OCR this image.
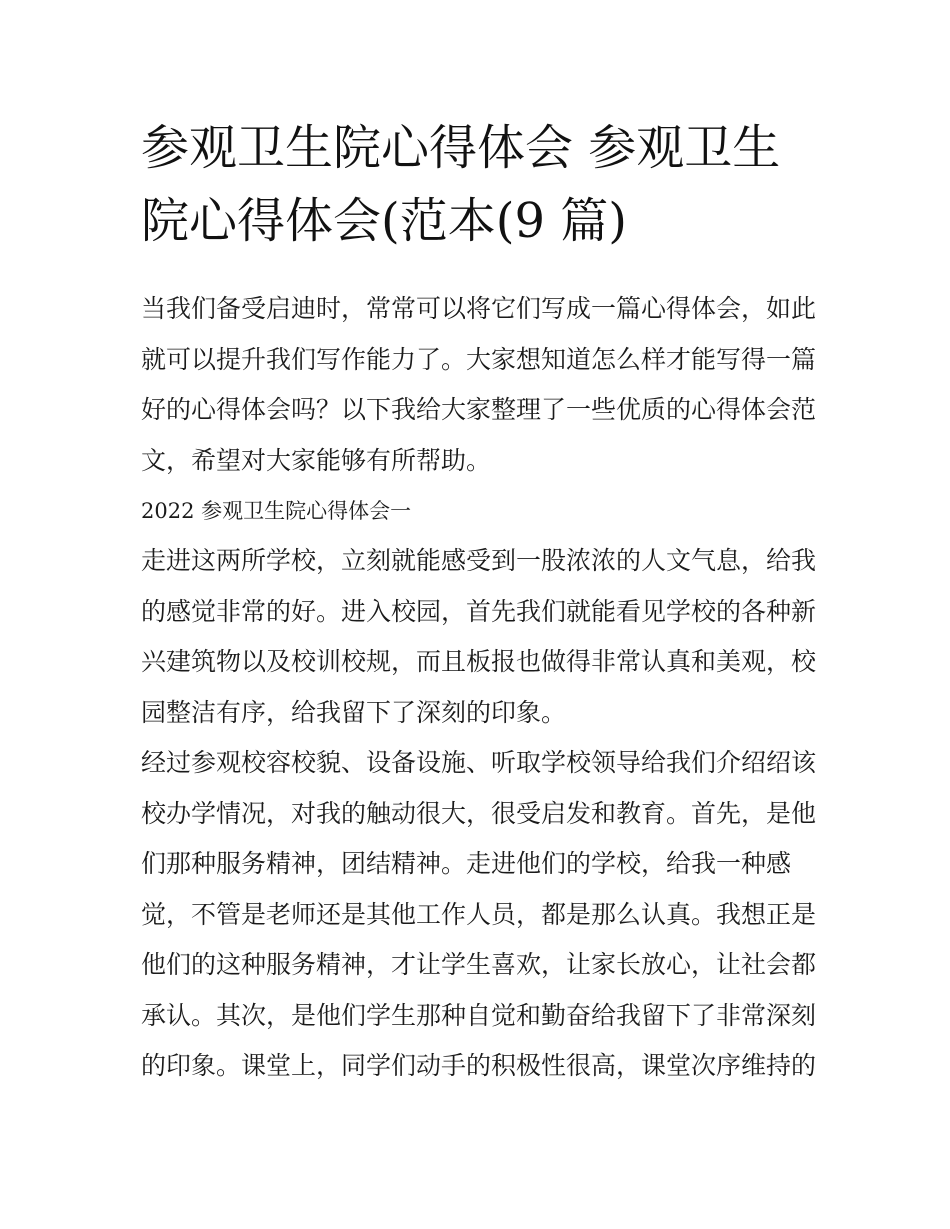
参观卫生院心得体会 参观卫生
院心得体会(范本(9 篇)

当我们备受启迪时，常常可以将它们写成一篇心得体会，如此
就可以提升我们写作能力了。大家想知道怎么样才能写得一篇
好的心得体会吗？以下我给大家整理了一些优质的心得体会范
文，希望对大家能够有所帮助。

2022 参观卫生院心得体会一

走进这两所学校，立刻就能感受到一股浓浓的人文气息，给我
的感觉非常的好。进入校园，首先我们就能看见学校的各种新
兴建筑物以及校训校规，而且板报也做得非常认真和美观，校
园整洁有序，给我留下了深刻的印象。

经过参观校容校貌、设备设施、听取学校领导给我们介绍绍该
校办学情况，对我的触动很大，很受启发和教育。首先，是他
们那种服务精神，团结精神。走进他们的学校，给我一种感
觉，不管是老师还是其他工作人员，都是那么认真。我想正是
他们的这种服务精神，才让学生喜欢，让家长放心，让社会都
承认。其次，是他们学生那种自觉和勤奋给我留下了非常深刻
的印象。课堂上，同学们动手的积极性很高，课堂次序维持的
